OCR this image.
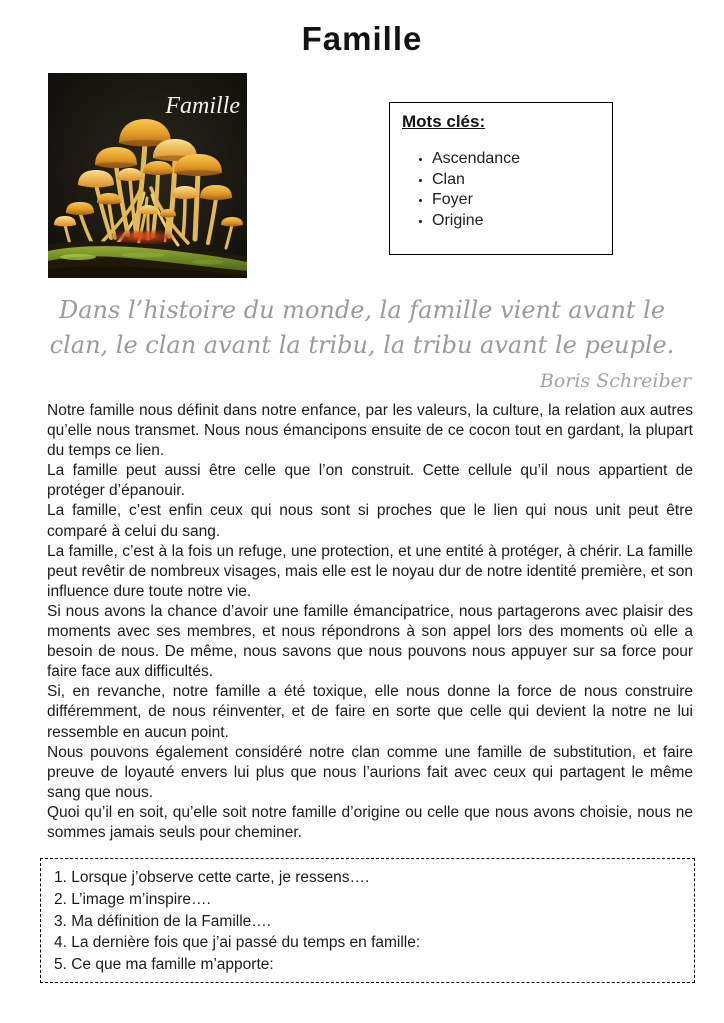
Famille
Famille
Mots clés:
• Ascendance
• Clan
• Foyer
• Origine
Dans l’histoire du monde, la famille vient avant le clan, le clan avant la tribu, la tribu avant le peuple.
Boris Schreiber

Notre famille nous définit dans notre enfance, par les valeurs, la culture, la relation aux autres qu’elle nous transmet. Nous nous émancipons ensuite de ce cocon tout en gardant, la plupart du temps ce lien.

La famille peut aussi être celle que l’on construit. Cette cellule qu’il nous appartient de protéger d’épanouir.

La famille, c’est enfin ceux qui nous sont si proches que le lien qui nous unit peut être comparé à celui du sang.

La famille, c’est à la fois un refuge, une protection, et une entité à protéger, à chérir. La famille peut revêtir de nombreux visages, mais elle est le noyau dur de notre identité première, et son influence dure toute notre vie.

Si nous avons la chance d’avoir une famille émancipatrice, nous partagerons avec plaisir des moments avec ses membres, et nous répondrons à son appel lors des moments où elle a besoin de nous. De même, nous savons que nous pouvons nous appuyer sur sa force pour faire face aux difficultés.

Si, en revanche, notre famille a été toxique, elle nous donne la force de nous construire différemment, de nous réinventer, et de faire en sorte que celle qui devient la notre ne lui ressemble en aucun point.

Nous pouvons également considéré notre clan comme une famille de substitution, et faire preuve de loyauté envers lui plus que nous l’aurions fait avec ceux qui partagent le même sang que nous.

Quoi qu’il en soit, qu’elle soit notre famille d’origine ou celle que nous avons choisie, nous ne sommes jamais seuls pour cheminer.

1. Lorsque j’observe cette carte, je ressens….
2. L’image m’inspire….
3. Ma définition de la Famille….
4. La dernière fois que j’ai passé du temps en famille:
5. Ce que ma famille m’apporte:
